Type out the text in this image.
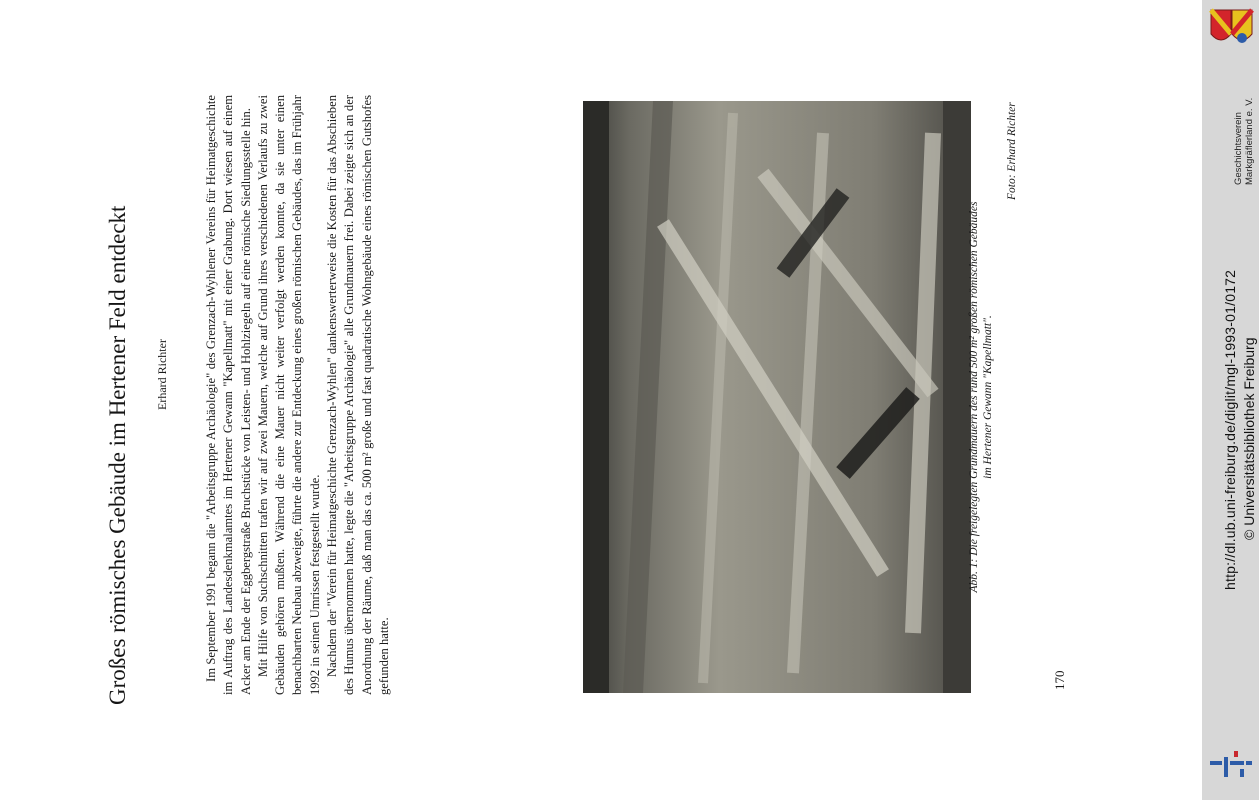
Großes römisches Gebäude im Hertener Feld entdeckt Erhard Richter	Im September 1991 begann die "Arbeitsgruppe Archäologie" des Grenzach-Wyhlener Vereins für Heimatgeschichte im Auftrag des Landesdenkmalamtes im Hertener Gewann "Kapellmatt" mit einer Grabung. Dort wiesen auf einem Acker am Ende der Eggbergstraße Bruchstücke von Leisten- und Hohlziegeln auf eine römische Siedlungsstelle hin. Mit Hilfe von Suchschnitten trafen wir auf zwei Mauern, welche auf Grund ihres verschiedenen Verlaufs zu zwei Gebäuden gehören mußten. Während die eine Mauer nicht weiter verfolgt werden konnte, da sie unter einen benachbarten Neubau abzweigte, führte die andere zur Entdeckung eines großen römischen Gebäudes, das im Frühjahr 1992 in seinen Umrissen festgestellt wurde. Nachdem der "Verein für Heimatgeschichte Grenzach-Wyhlen" dankenswerterweise die Kosten für das Abschieben des Humus übernommen hatte, legte die "Arbeitsgruppe Archäologie" alle Grundmauern frei. Dabei zeigte sich an der Anordnung der Räume, daß man das ca. 500 m² große und fast quadratische Wohngebäude eines römischen Gutshofes gefunden hatte.

Abb. 1: Die freigelegten Grundmauern des rund 500 m² großen römischen Gebäudes im Hertener Gewann "Kapellmatt".
Foto: Erhard Richter
170
Geschichtsverein Markgräflerland e. V.
http://dl.ub.uni-freiburg.de/diglit/mgl-1993-01/0172 © Universitätsbibliothek Freiburg
